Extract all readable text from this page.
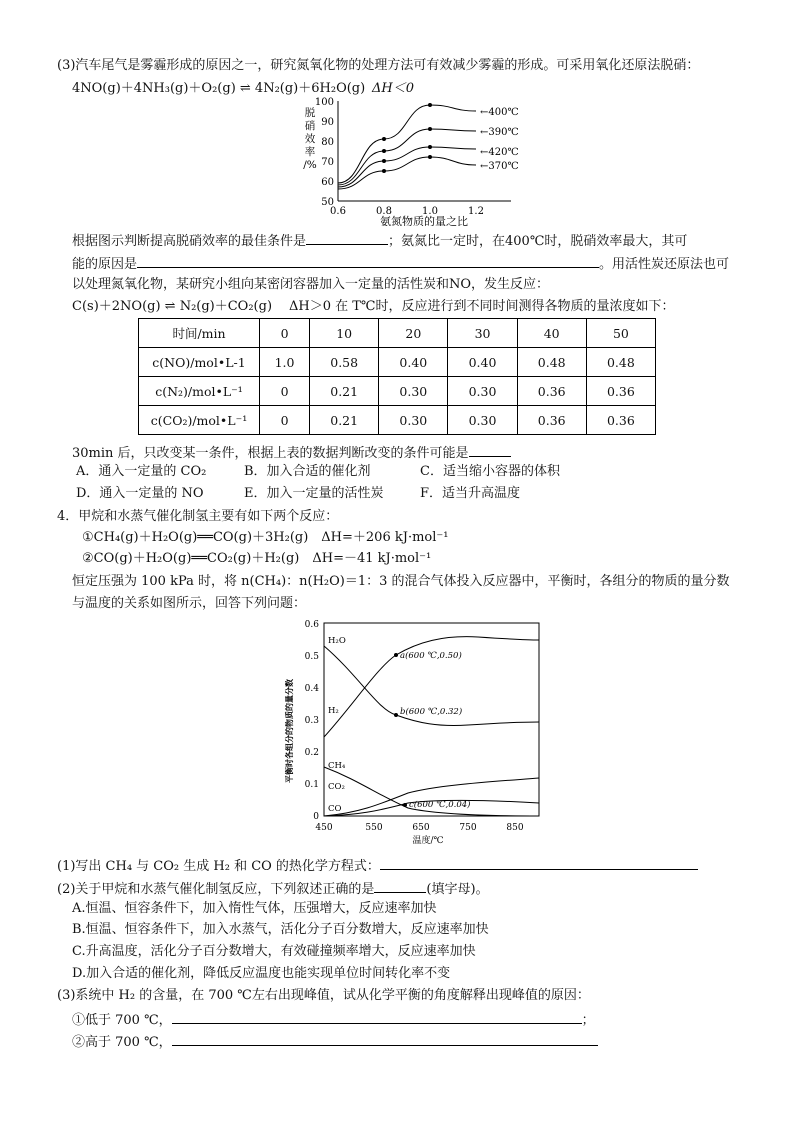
(3)汽车尾气是雾霾形成的原因之一，研究氮氧化物的处理方法可有效减少雾霾的形成。可采用氧化还原法脱硝：
4NO(g)＋4NH₃(g)＋O₂(g) ⇌ 4N₂(g)＋6H₂O(g) ΔH＜0
脱
硝
效
率
/%
50
60
70
80
90
100
0.6	0.8	1.0	1.2
氨氮物质的量之比
←400℃
←390℃
←420℃
←370℃
根据图示判断提高脱硝效率的最佳条件是	；氨氮比一定时，在400℃时，脱硝效率最大，其可
能的原因是	。用活性炭还原法也可
以处理氮氧化物，某研究小组向某密闭容器加入一定量的活性炭和NO，发生反应：
C(s)＋2NO(g) ⇌ N₂(g)＋CO₂(g) ΔH＞0 在 T℃时，反应进行到不同时间测得各物质的量浓度如下：
时间/min	0	10	20	30	40	50
c(NO)/mol•L-1	1.0	0.58	0.40	0.40	0.48	0.48
c(N₂)/mol•L⁻¹	0	0.21	0.30	0.30	0.36	0.36
c(CO₂)/mol•L⁻¹	0	0.21	0.30	0.30	0.36	0.36
30min 后，只改变某一条件，根据上表的数据判断改变的条件可能是
A．通入一定量的 CO₂	B．加入合适的催化剂	C．适当缩小容器的体积
D．通入一定量的 NO	E．加入一定量的活性炭	F．适当升高温度
4．甲烷和水蒸气催化制氢主要有如下两个反应：
①CH₄(g)＋H₂O(g)══CO(g)＋3H₂(g)　ΔH=＋206 kJ·mol⁻¹
②CO(g)＋H₂O(g)══CO₂(g)＋H₂(g)　ΔH=－41 kJ·mol⁻¹
恒定压强为 100 kPa 时，将 n(CH₄)：n(H₂O)＝1：3 的混合气体投入反应器中，平衡时，各组分的物质的量分数
与温度的关系如图所示，回答下列问题：
平衡时各组分的物质的量分数
0
0.1
0.2
0.3
0.4
0.5
0.6
450	550	650	750	850
温度/℃
a(600 ℃,0.50)
b(600 ℃,0.32)
c(600 ℃,0.04)
H₂O
H₂
CH₄
CO₂
CO
(1)写出 CH₄ 与 CO₂ 生成 H₂ 和 CO 的热化学方程式：
(2)关于甲烷和水蒸气催化制氢反应，下列叙述正确的是	(填字母)。
A.恒温、恒容条件下，加入惰性气体，压强增大，反应速率加快
B.恒温、恒容条件下，加入水蒸气，活化分子百分数增大，反应速率加快
C.升高温度，活化分子百分数增大，有效碰撞频率增大，反应速率加快
D.加入合适的催化剂，降低反应温度也能实现单位时间转化率不变
(3)系统中 H₂ 的含量，在 700 ℃左右出现峰值，试从化学平衡的角度解释出现峰值的原因：
①低于 700 ℃，	；
②高于 700 ℃，
